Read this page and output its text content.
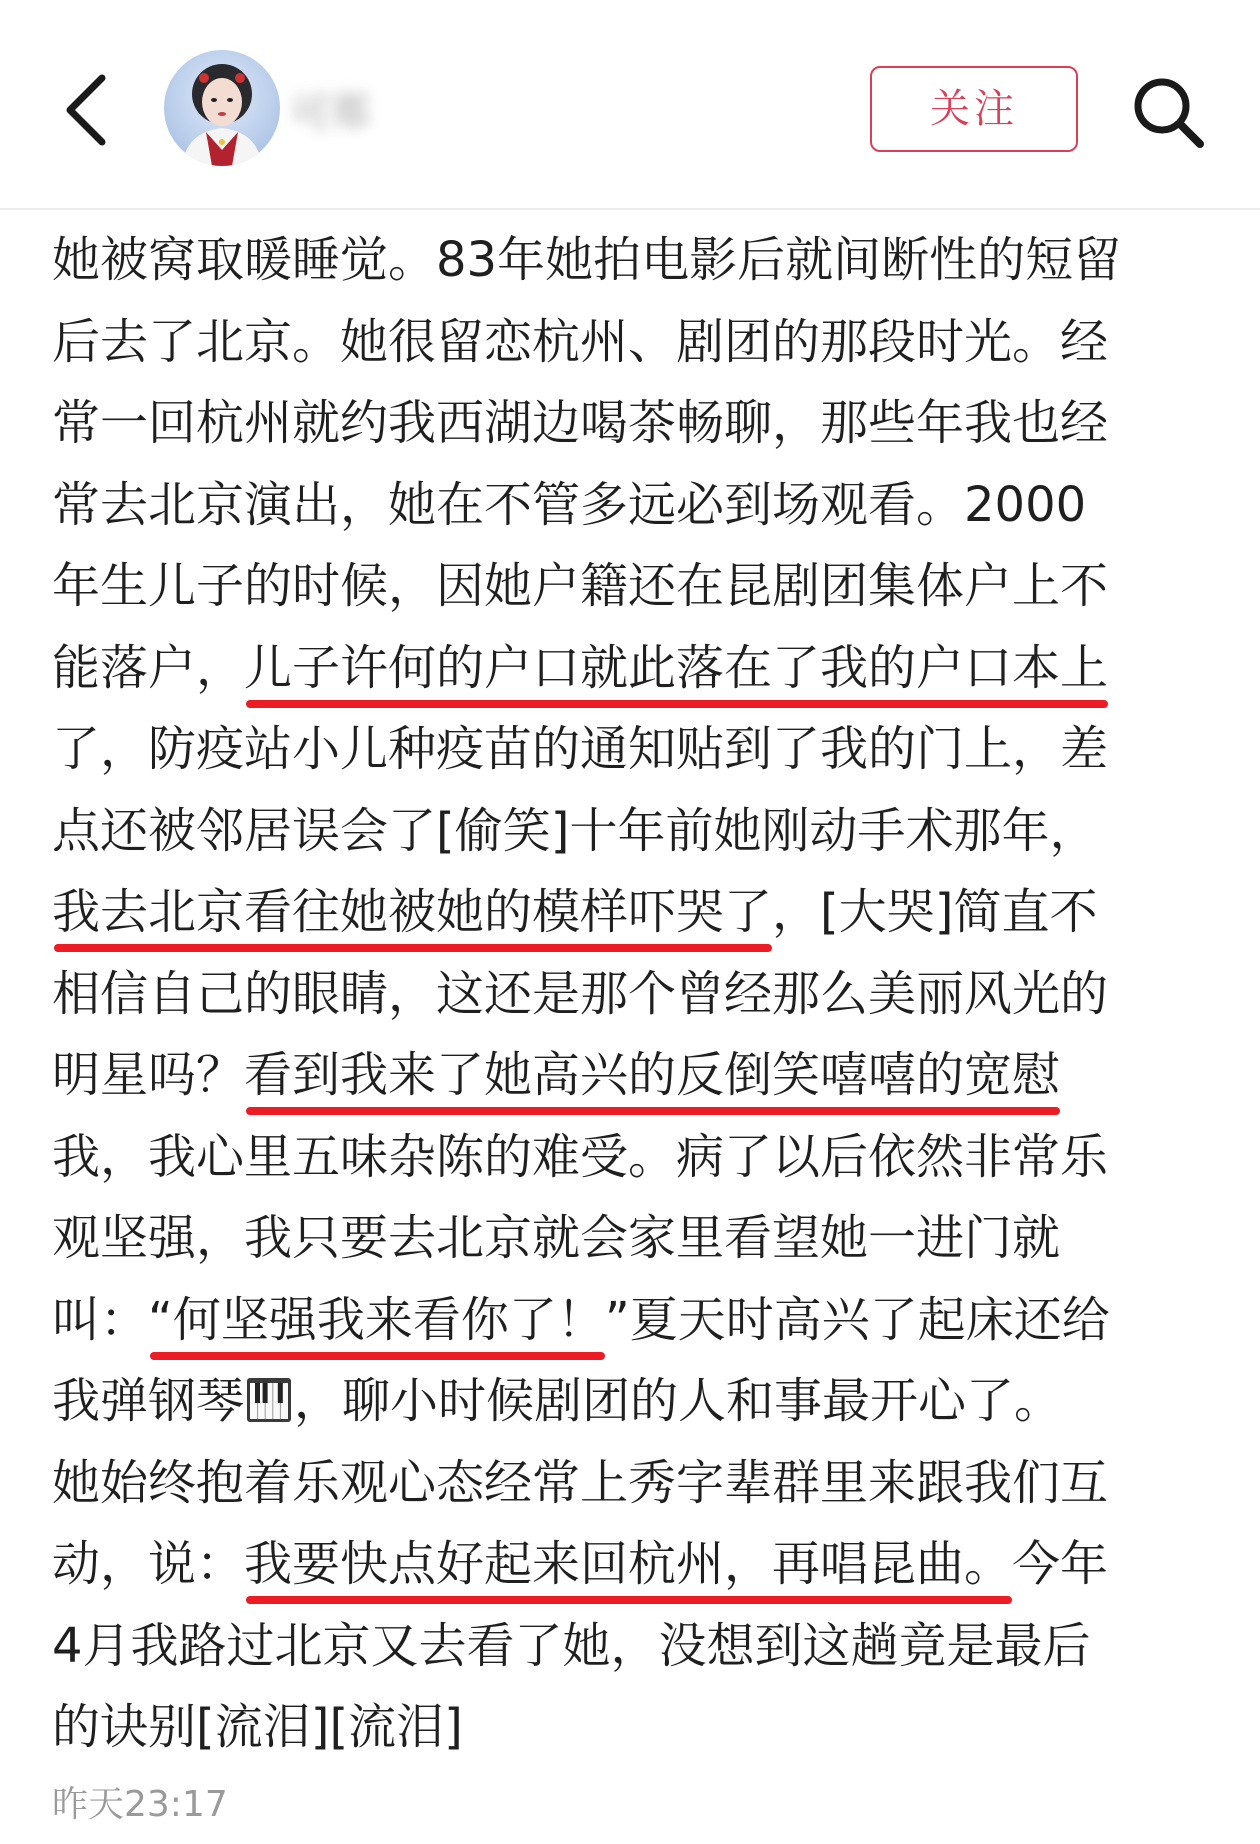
可郑	关注
她被窝取暖睡觉。83年她拍电影后就间断性的短留
后去了北京。她很留恋杭州、剧团的那段时光。经
常一回杭州就约我西湖边喝茶畅聊，那些年我也经
常去北京演出，她在不管多远必到场观看。2000
年生儿子的时候，因她户籍还在昆剧团集体户上不
能落户，儿子许何的户口就此落在了我的户口本上
了，防疫站小儿种疫苗的通知贴到了我的门上，差
点还被邻居误会了[偷笑]十年前她刚动手术那年，
我去北京看往她被她的模样吓哭了，[大哭]简直不
相信自己的眼睛，这还是那个曾经那么美丽风光的
明星吗？看到我来了她高兴的反倒笑嘻嘻的宽慰
我，我心里五味杂陈的难受。病了以后依然非常乐
观坚强，我只要去北京就会家里看望她一进门就
叫：“何坚强我来看你了！”夏天时高兴了起床还给
我弹钢琴 ，聊小时候剧团的人和事最开心了。
她始终抱着乐观心态经常上秀字辈群里来跟我们互
动，说：我要快点好起来回杭州，再唱昆曲。今年
4月我路过北京又去看了她，没想到这趟竟是最后
的诀别[流泪][流泪]
昨天23:17
